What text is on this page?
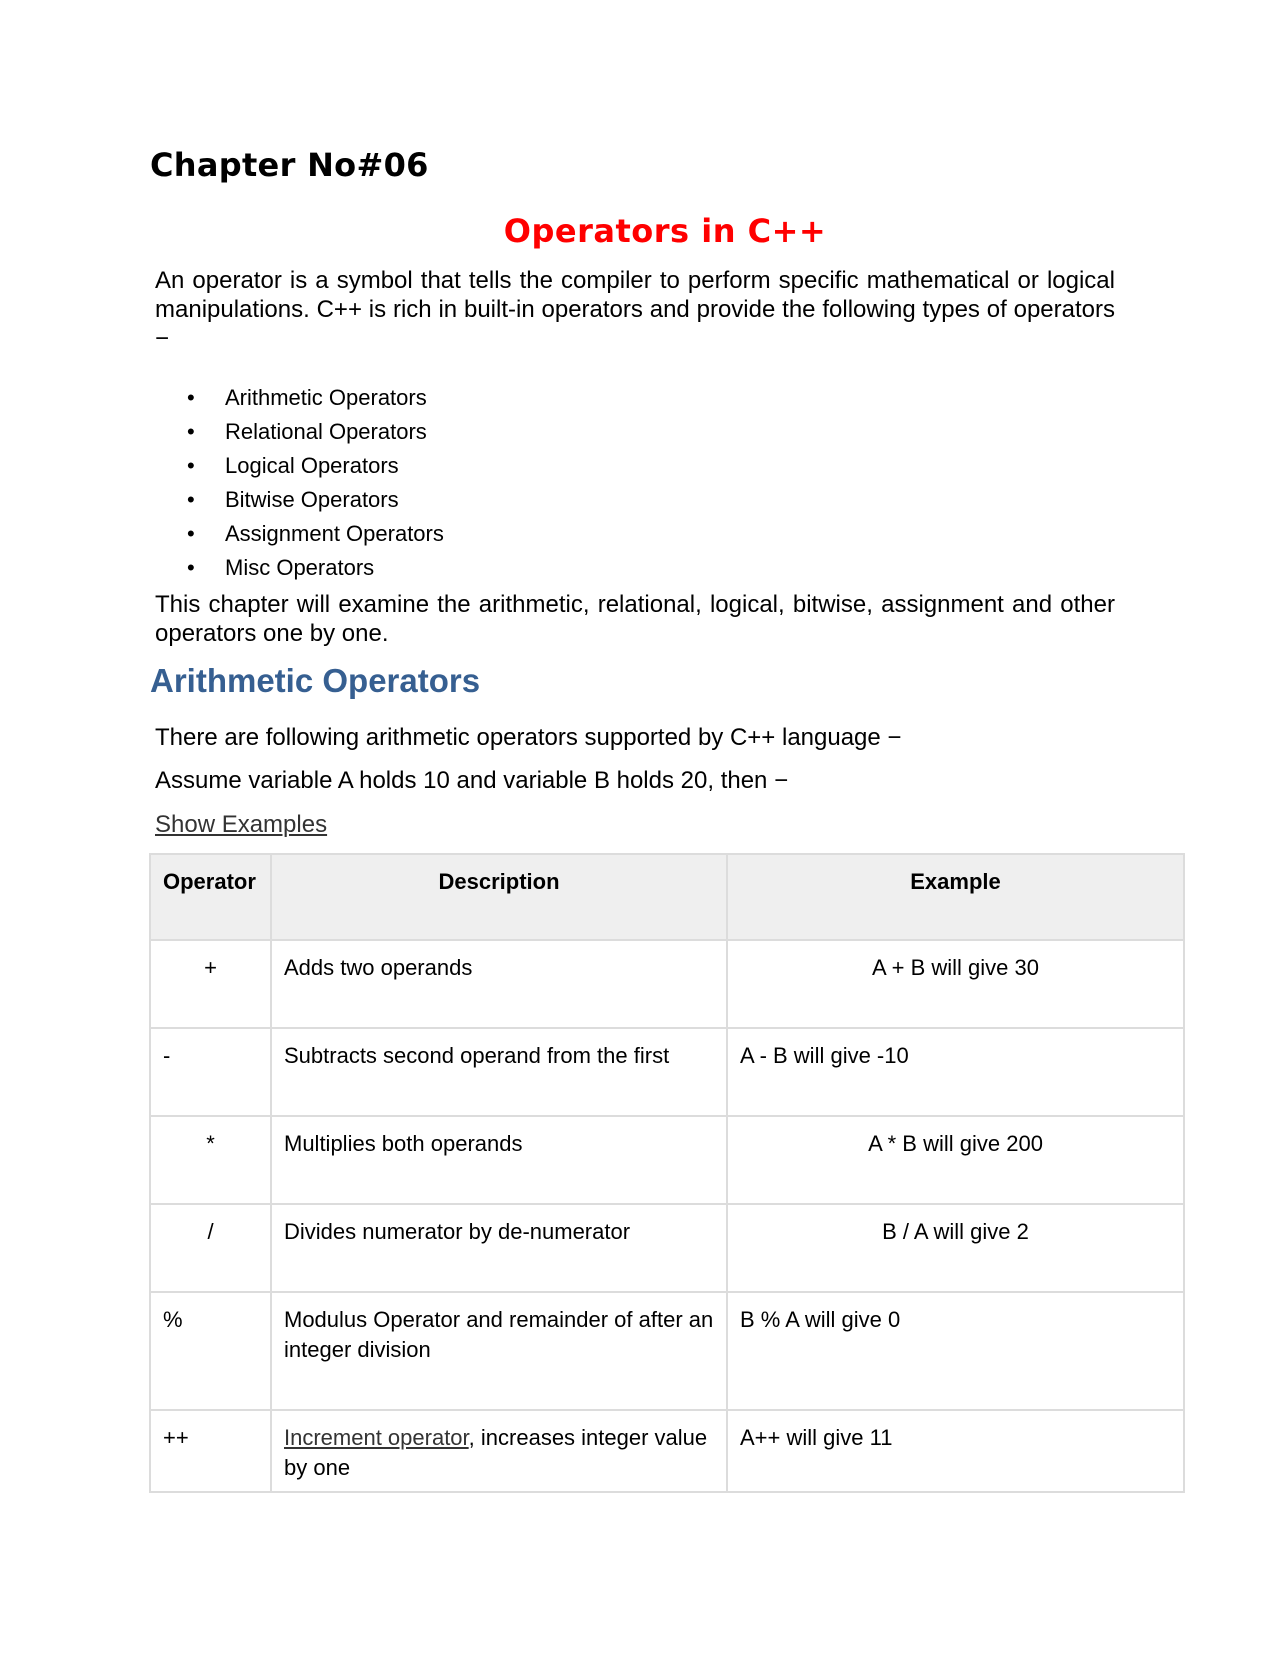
Chapter No#06
Operators in C++

An operator is a symbol that tells the compiler to perform specific mathematical or logical manipulations. C++ is rich in built-in operators and provide the following types of operators −

• Arithmetic Operators
• Relational Operators
• Logical Operators
• Bitwise Operators
• Assignment Operators
• Misc Operators

This chapter will examine the arithmetic, relational, logical, bitwise, assignment and other operators one by one.

Arithmetic Operators

There are following arithmetic operators supported by C++ language −

Assume variable A holds 10 and variable B holds 20, then −

Show Examples
Operator	Description	Example
+	Adds two operands	A + B will give 30
-	Subtracts second operand from the first	A - B will give -10
*	Multiplies both operands	A * B will give 200
/	Divides numerator by de-numerator	B / A will give 2
%	Modulus Operator and remainder of after an integer division	B % A will give 0
++	Increment operator, increases integer value by one	A++ will give 11
